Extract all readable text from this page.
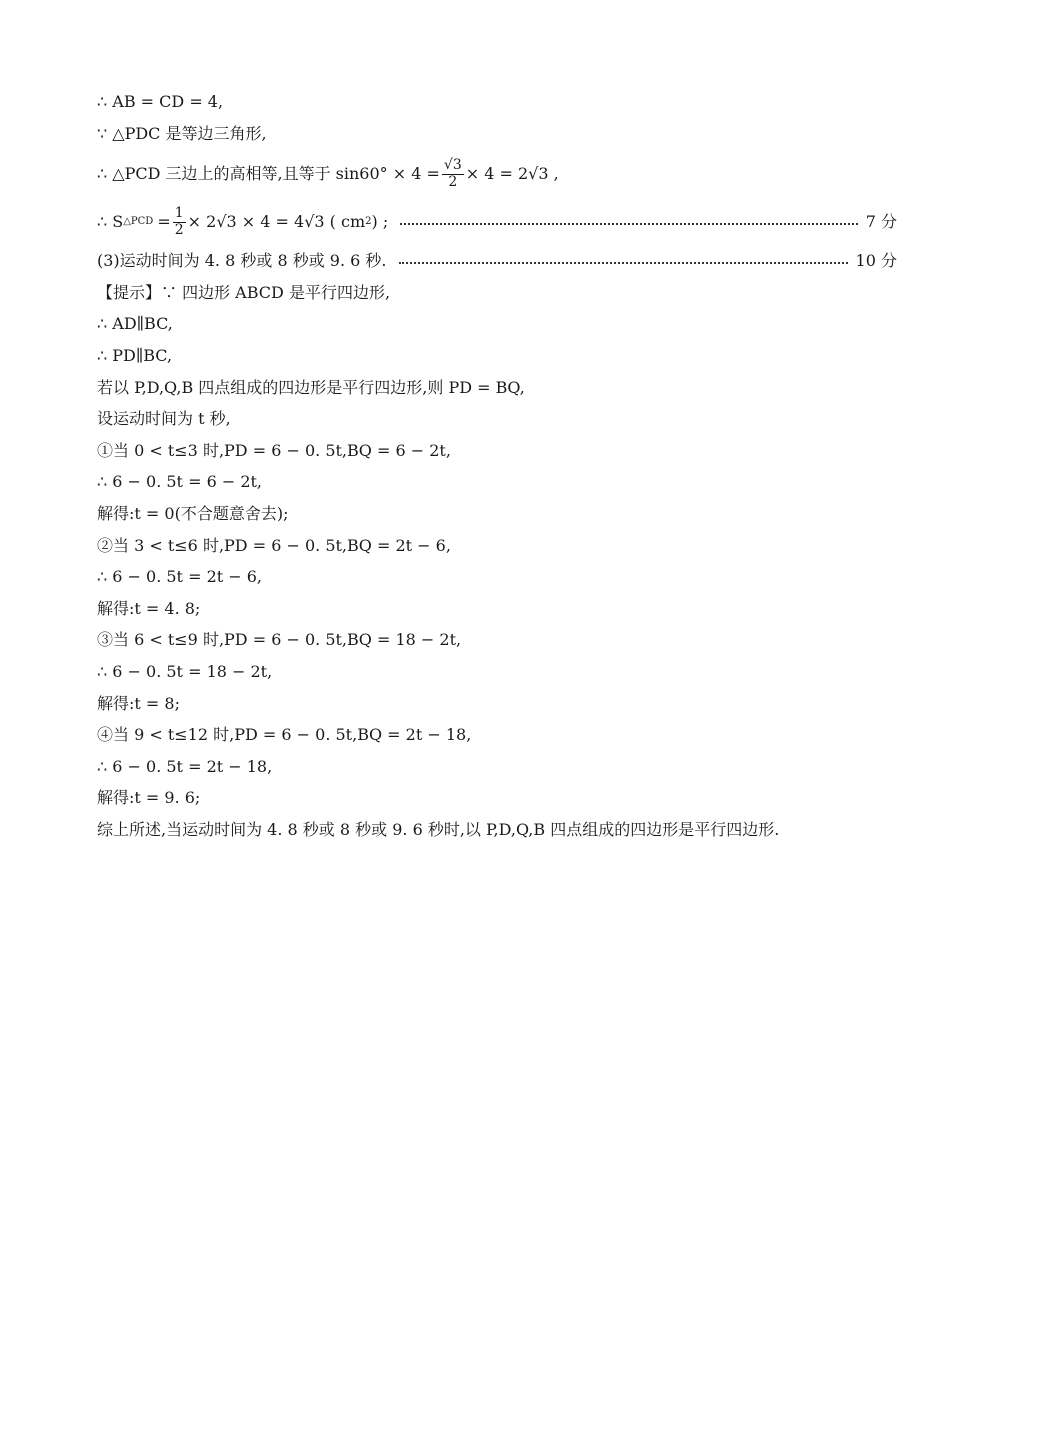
∴ AB = CD = 4,
∵ △PDC 是等边三角形,
∴ △PCD 三边上的高相等,且等于 $\sin 60^\circ \times 4 = \frac{√3}{2} \times 4 = 2√3$ ,
∴ S △PCD = $\frac{1}{2} \times 2√3 \times 4 = 4√3$ ( cm 2 ) ;	7 分
(3)运动时间为 4. 8 秒或 8 秒或 9. 6 秒.	10 分
【提示】∵ 四边形 ABCD 是平行四边形,
∴ AD∥BC,
∴ PD∥BC,
若以 P,D,Q,B 四点组成的四边形是平行四边形,则 PD = BQ,
设运动时间为 t 秒,
①当 0 < t≤3 时,PD = 6 − 0. 5t,BQ = 6 − 2t,
∴ 6 − 0. 5t = 6 − 2t,
解得:t = 0(不合题意舍去);
②当 3 < t≤6 时,PD = 6 − 0. 5t,BQ = 2t − 6,
∴ 6 − 0. 5t = 2t − 6,
解得:t = 4. 8;
③当 6 < t≤9 时,PD = 6 − 0. 5t,BQ = 18 − 2t,
∴ 6 − 0. 5t = 18 − 2t,
解得:t = 8;
④当 9 < t≤12 时,PD = 6 − 0. 5t,BQ = 2t − 18,
∴ 6 − 0. 5t = 2t − 18,
解得:t = 9. 6;
综上所述,当运动时间为 4. 8 秒或 8 秒或 9. 6 秒时,以 P,D,Q,B 四点组成的四边形是平行四边形.
